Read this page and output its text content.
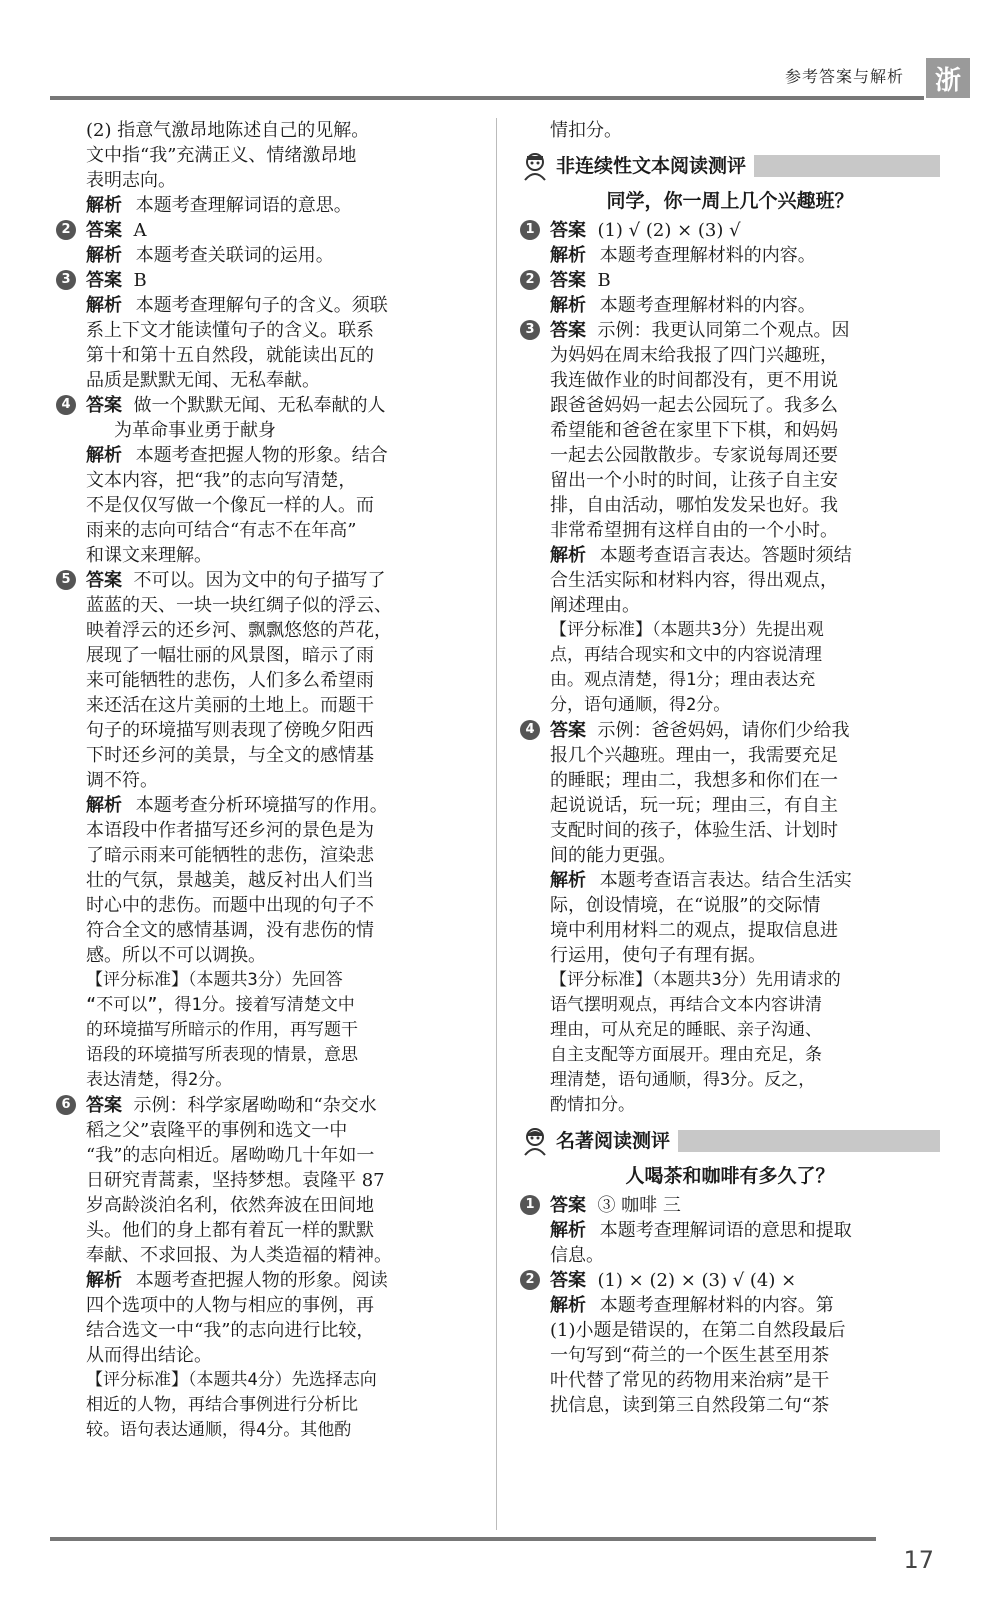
参考答案与解析	浙

(2) 指意气激昂地陈述自己的见解。

文中指“我”充满正义、情绪激昂地

表明志向。

解析 本题考查理解词语的意思。

2 答案 A

解析 本题考查关联词的运用。

3 答案 B

解析 本题考查理解句子的含义。须联

系上下文才能读懂句子的含义。联系

第十和第十五自然段，就能读出瓦的

品质是默默无闻、无私奉献。

4 答案 做一个默默无闻、无私奉献的人

为革命事业勇于献身

解析 本题考查把握人物的形象。结合

文本内容，把“我”的志向写清楚，

不是仅仅写做一个像瓦一样的人。而

雨来的志向可结合“有志不在年高”

和课文来理解。

5 答案 不可以。因为文中的句子描写了

蓝蓝的天、一块一块红绸子似的浮云、

映着浮云的还乡河、飘飘悠悠的芦花，

展现了一幅壮丽的风景图，暗示了雨

来可能牺牲的悲伤，人们多么希望雨

来还活在这片美丽的土地上。而题干

句子的环境描写则表现了傍晚夕阳西

下时还乡河的美景，与全文的感情基

调不符。

解析 本题考查分析环境描写的作用。

本语段中作者描写还乡河的景色是为

了暗示雨来可能牺牲的悲伤，渲染悲

壮的气氛，景越美，越反衬出人们当

时心中的悲伤。而题中出现的句子不

符合全文的感情基调，没有悲伤的情

感。所以不可以调换。

【评分标准】（本题共3分）先回答

“不可以”，得1分。接着写清楚文中

的环境描写所暗示的作用，再写题干

语段的环境描写所表现的情景，意思

表达清楚，得2分。

6 答案 示例：科学家屠呦呦和“杂交水

稻之父”袁隆平的事例和选文一中

“我”的志向相近。屠呦呦几十年如一

日研究青蒿素，坚持梦想。袁隆平 87

岁高龄淡泊名利，依然奔波在田间地

头。他们的身上都有着瓦一样的默默

奉献、不求回报、为人类造福的精神。

解析 本题考查把握人物的形象。阅读

四个选项中的人物与相应的事例，再

结合选文一中“我”的志向进行比较，

从而得出结论。

【评分标准】（本题共4分）先选择志向

相近的人物，再结合事例进行分析比

较。语句表达通顺，得4分。其他酌

情扣分。

非连续性文本阅读测评

同学，你一周上几个兴趣班？

1 答案 (1) √ (2) × (3) √

解析 本题考查理解材料的内容。

2 答案 B

解析 本题考查理解材料的内容。

3 答案 示例：我更认同第二个观点。因

为妈妈在周末给我报了四门兴趣班，

我连做作业的时间都没有，更不用说

跟爸爸妈妈一起去公园玩了。我多么

希望能和爸爸在家里下下棋，和妈妈

一起去公园散散步。专家说每周还要

留出一个小时的时间，让孩子自主安

排，自由活动，哪怕发发呆也好。我

非常希望拥有这样自由的一个小时。

解析 本题考查语言表达。答题时须结

合生活实际和材料内容，得出观点，

阐述理由。

【评分标准】（本题共3分）先提出观

点，再结合现实和文中的内容说清理

由。观点清楚，得1分；理由表达充

分，语句通顺，得2分。

4 答案 示例：爸爸妈妈，请你们少给我

报几个兴趣班。理由一，我需要充足

的睡眠；理由二，我想多和你们在一

起说说话，玩一玩；理由三，有自主

支配时间的孩子，体验生活、计划时

间的能力更强。

解析 本题考查语言表达。结合生活实

际，创设情境，在“说服”的交际情

境中利用材料二的观点，提取信息进

行运用，使句子有理有据。

【评分标准】（本题共3分）先用请求的

语气摆明观点，再结合文本内容讲清

理由，可从充足的睡眠、亲子沟通、

自主支配等方面展开。理由充足，条

理清楚，语句通顺，得3分。反之，

酌情扣分。

名著阅读测评

人喝茶和咖啡有多久了？

1 答案 ③ 咖啡 三

解析 本题考查理解词语的意思和提取

信息。

2 答案 (1) × (2) × (3) √ (4) ×

解析 本题考查理解材料的内容。第

(1)小题是错误的，在第二自然段最后

一句写到“荷兰的一个医生甚至用茶

叶代替了常见的药物用来治病”是干

扰信息，读到第三自然段第二句“茶

17
